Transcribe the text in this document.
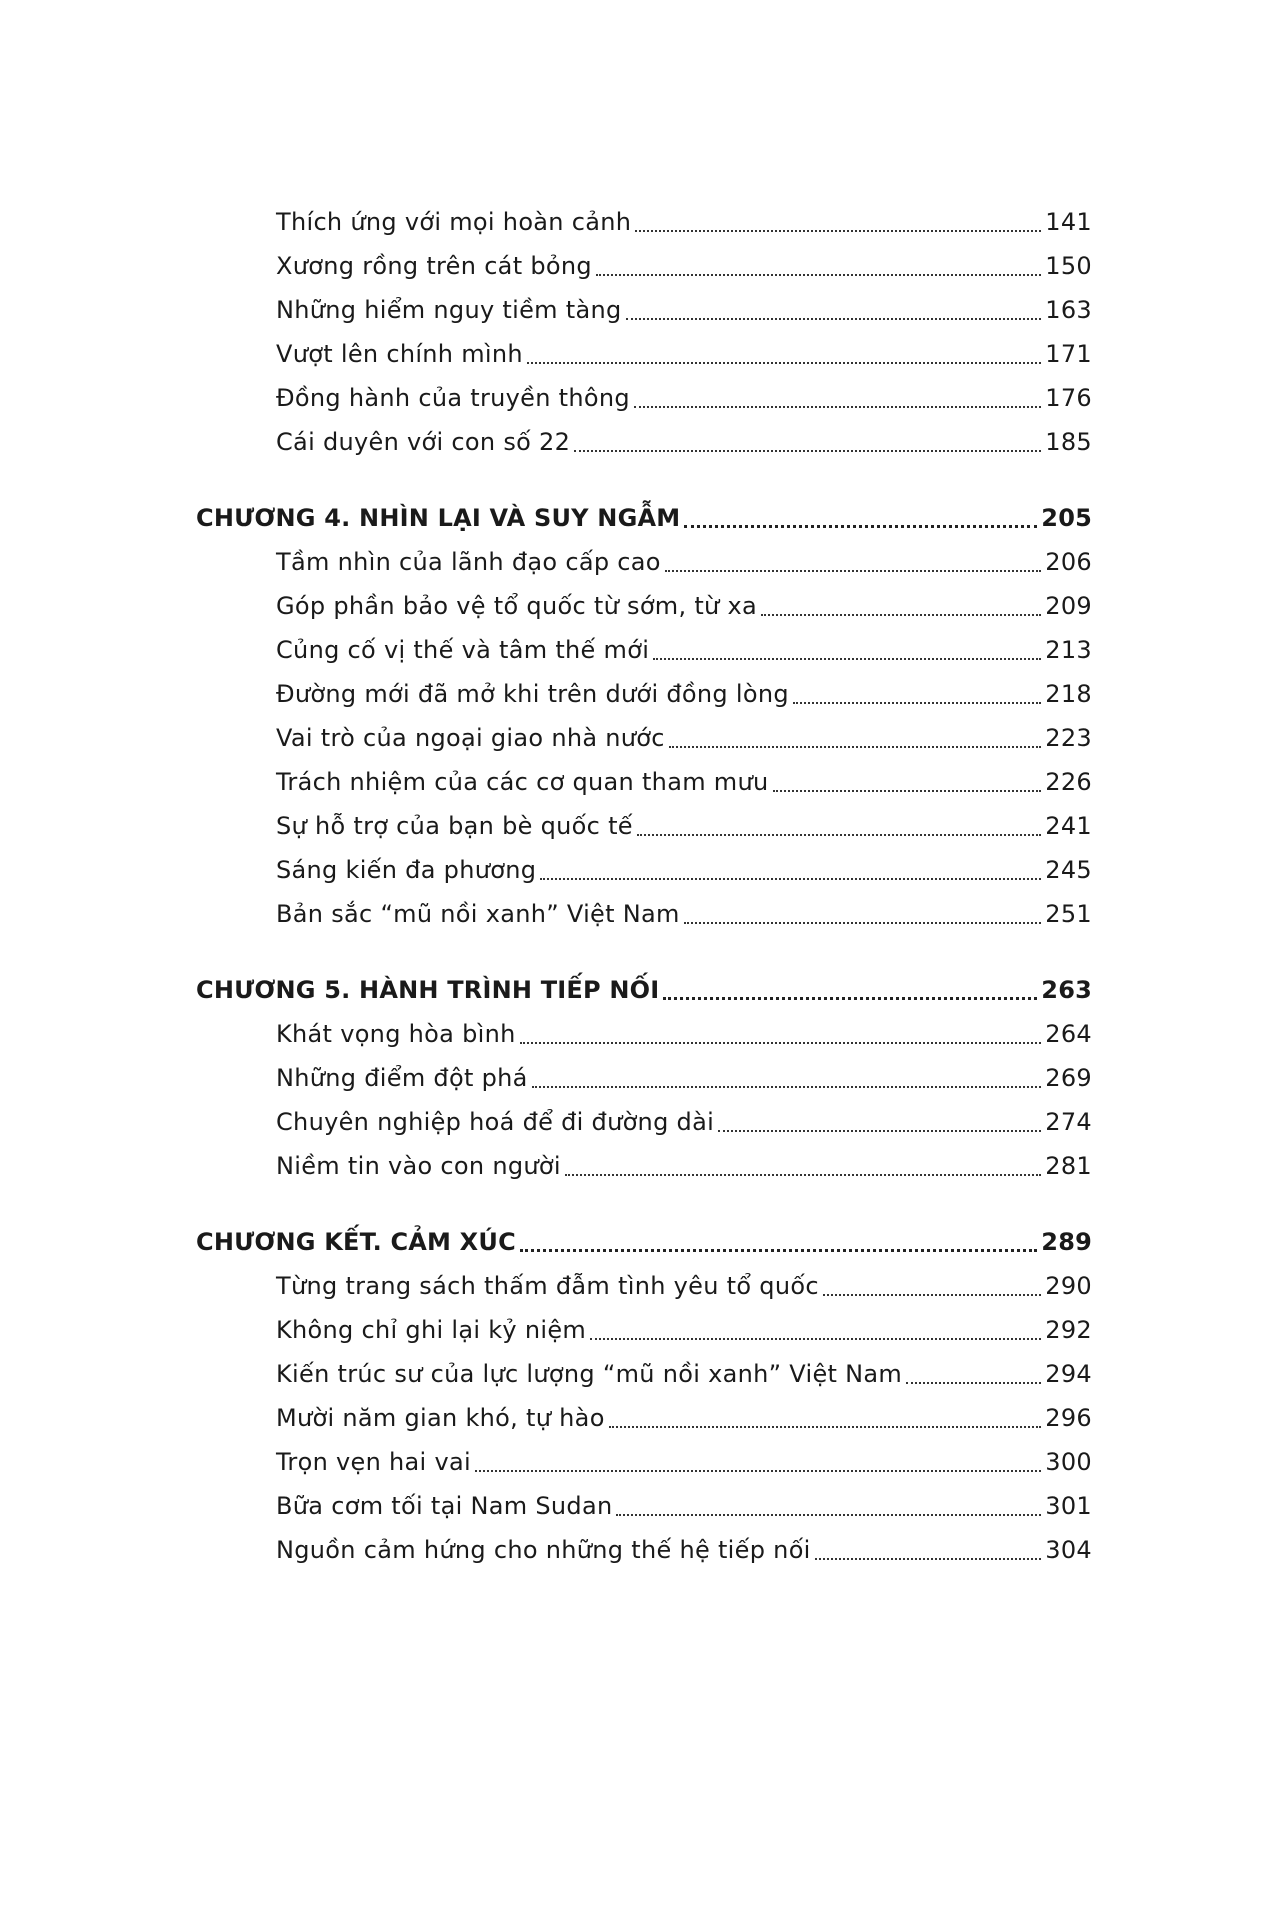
Thích ứng với mọi hoàn cảnh	141
Xương rồng trên cát bỏng	150
Những hiểm nguy tiềm tàng	163
Vượt lên chính mình	171
Đồng hành của truyền thông	176
Cái duyên với con số 22	185
CHƯƠNG 4. NHÌN LẠI VÀ SUY NGẪM	205
Tầm nhìn của lãnh đạo cấp cao	206
Góp phần bảo vệ tổ quốc từ sớm, từ xa	209
Củng cố vị thế và tâm thế mới	213
Đường mới đã mở khi trên dưới đồng lòng	218
Vai trò của ngoại giao nhà nước	223
Trách nhiệm của các cơ quan tham mưu	226
Sự hỗ trợ của bạn bè quốc tế	241
Sáng kiến đa phương	245
Bản sắc “mũ nồi xanh” Việt Nam	251
CHƯƠNG 5. HÀNH TRÌNH TIẾP NỐI	263
Khát vọng hòa bình	264
Những điểm đột phá	269
Chuyên nghiệp hoá để đi đường dài	274
Niềm tin vào con người	281
CHƯƠNG KẾT. CẢM XÚC	289
Từng trang sách thấm đẫm tình yêu tổ quốc	290
Không chỉ ghi lại kỷ niệm	292
Kiến trúc sư của lực lượng “mũ nồi xanh” Việt Nam	294
Mười năm gian khó, tự hào	296
Trọn vẹn hai vai	300
Bữa cơm tối tại Nam Sudan	301
Nguồn cảm hứng cho những thế hệ tiếp nối	304
